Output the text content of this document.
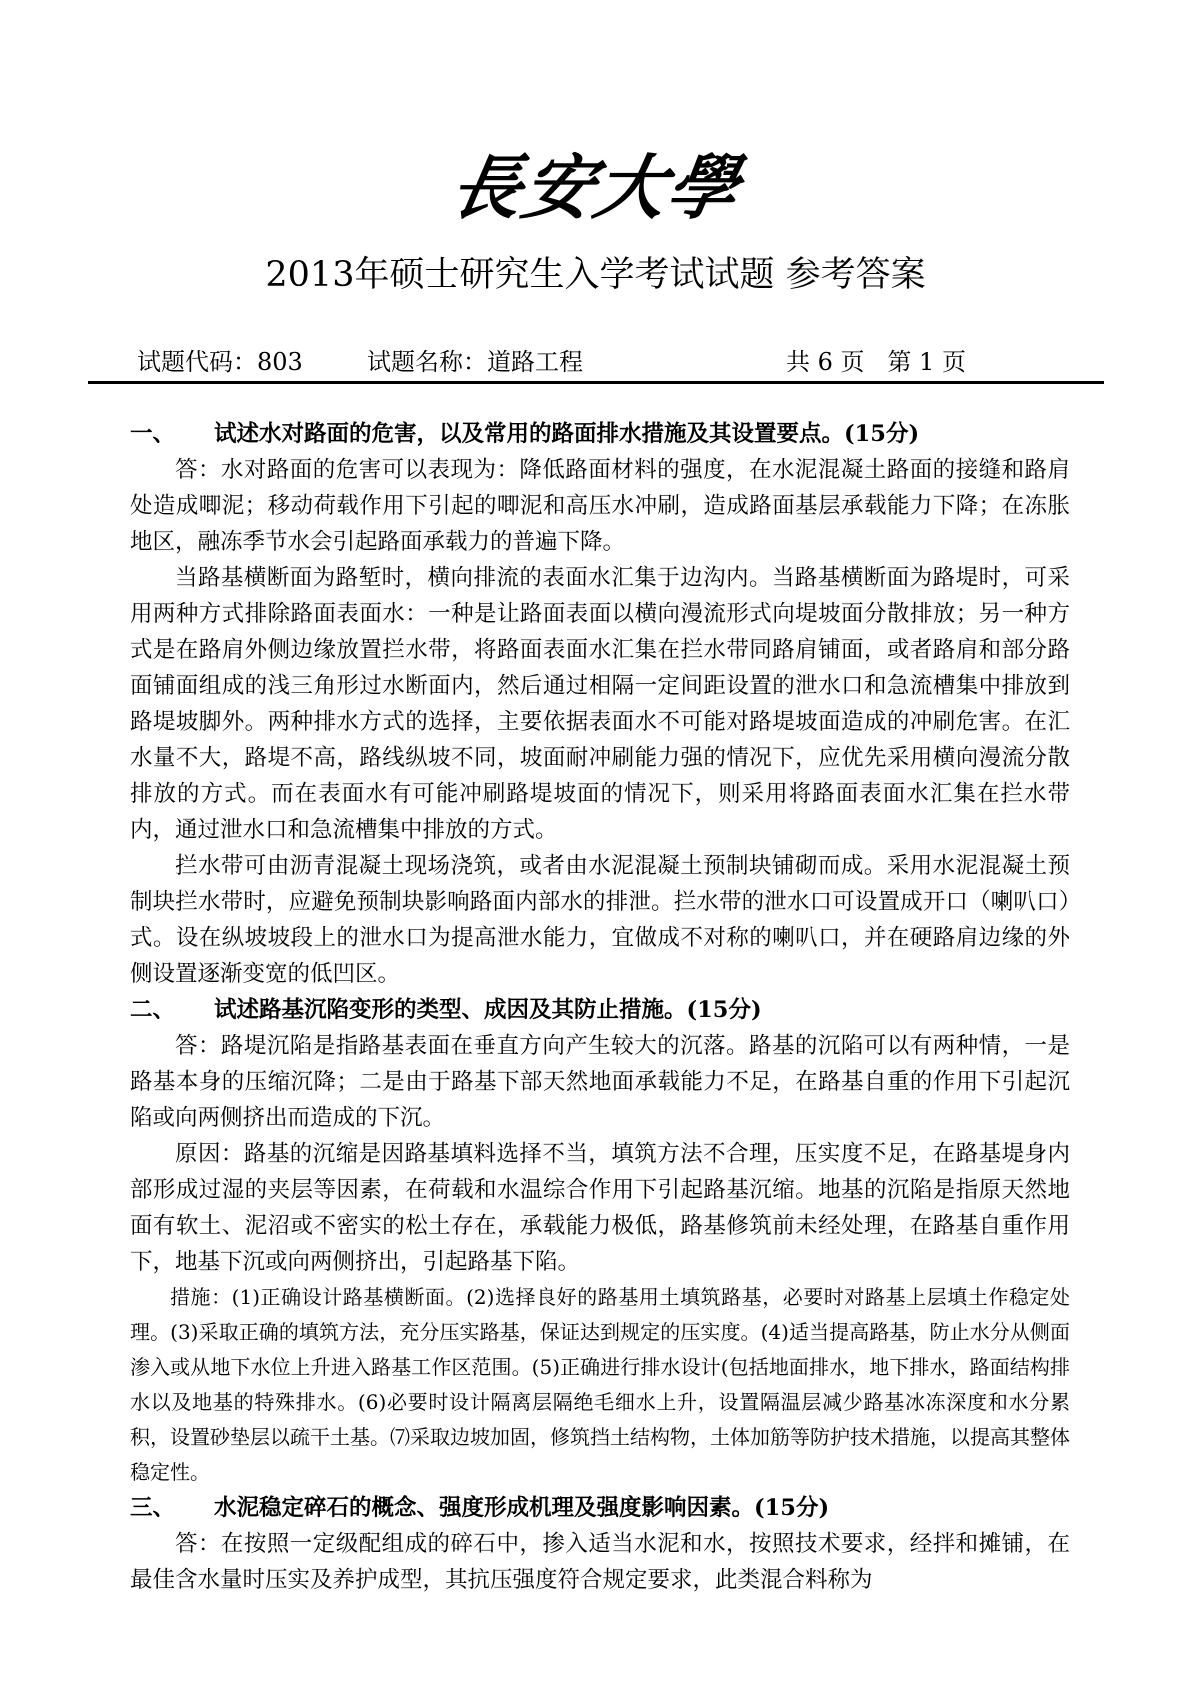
長安大學
2013年硕士研究生入学考试试题 参考答案
试题代码：803	试题名称：道路工程	共 6 页   第 1 页
一、 试述水对路面的危害，以及常用的路面排水措施及其设置要点。(15分)

答：水对路面的危害可以表现为：降低路面材料的强度，在水泥混凝土路面的接缝和路肩处造成唧泥；移动荷载作用下引起的唧泥和高压水冲刷，造成路面基层承载能力下降；在冻胀地区，融冻季节水会引起路面承载力的普遍下降。

当路基横断面为路堑时，横向排流的表面水汇集于边沟内。当路基横断面为路堤时，可采用两种方式排除路面表面水：一种是让路面表面以横向漫流形式向堤坡面分散排放；另一种方式是在路肩外侧边缘放置拦水带，将路面表面水汇集在拦水带同路肩铺面，或者路肩和部分路面铺面组成的浅三角形过水断面内，然后通过相隔一定间距设置的泄水口和急流槽集中排放到路堤坡脚外。两种排水方式的选择，主要依据表面水不可能对路堤坡面造成的冲刷危害。在汇水量不大，路堤不高，路线纵坡不同，坡面耐冲刷能力强的情况下，应优先采用横向漫流分散排放的方式。而在表面水有可能冲刷路堤坡面的情况下，则采用将路面表面水汇集在拦水带内，通过泄水口和急流槽集中排放的方式。

拦水带可由沥青混凝土现场浇筑，或者由水泥混凝土预制块铺砌而成。采用水泥混凝土预制块拦水带时，应避免预制块影响路面内部水的排泄。拦水带的泄水口可设置成开口（喇叭口）式。设在纵坡坡段上的泄水口为提高泄水能力，宜做成不对称的喇叭口，并在硬路肩边缘的外侧设置逐渐变宽的低凹区。

二、 试述路基沉陷变形的类型、成因及其防止措施。(15分)

答：路堤沉陷是指路基表面在垂直方向产生较大的沉落。路基的沉陷可以有两种情，一是路基本身的压缩沉降；二是由于路基下部天然地面承载能力不足，在路基自重的作用下引起沉陷或向两侧挤出而造成的下沉。

原因：路基的沉缩是因路基填料选择不当，填筑方法不合理，压实度不足，在路基堤身内部形成过湿的夹层等因素，在荷载和水温综合作用下引起路基沉缩。地基的沉陷是指原天然地面有软土、泥沼或不密实的松土存在，承载能力极低，路基修筑前未经处理，在路基自重作用下，地基下沉或向两侧挤出，引起路基下陷。

措施：(1)正确设计路基横断面。(2)选择良好的路基用土填筑路基，必要时对路基上层填土作稳定处理。(3)采取正确的填筑方法，充分压实路基，保证达到规定的压实度。(4)适当提高路基，防止水分从侧面渗入或从地下水位上升进入路基工作区范围。(5)正确进行排水设计(包括地面排水，地下排水，路面结构排水以及地基的特殊排水。(6)必要时设计隔离层隔绝毛细水上升，设置隔温层减少路基冰冻深度和水分累积，设置砂垫层以疏干土基。⑺采取边坡加固，修筑挡土结构物，土体加筋等防护技术措施，以提高其整体稳定性。

三、 水泥稳定碎石的概念、强度形成机理及强度影响因素。(15分)

答：在按照一定级配组成的碎石中，掺入适当水泥和水，按照技术要求，经拌和摊铺，在最佳含水量时压实及养护成型，其抗压强度符合规定要求，此类混合料称为
